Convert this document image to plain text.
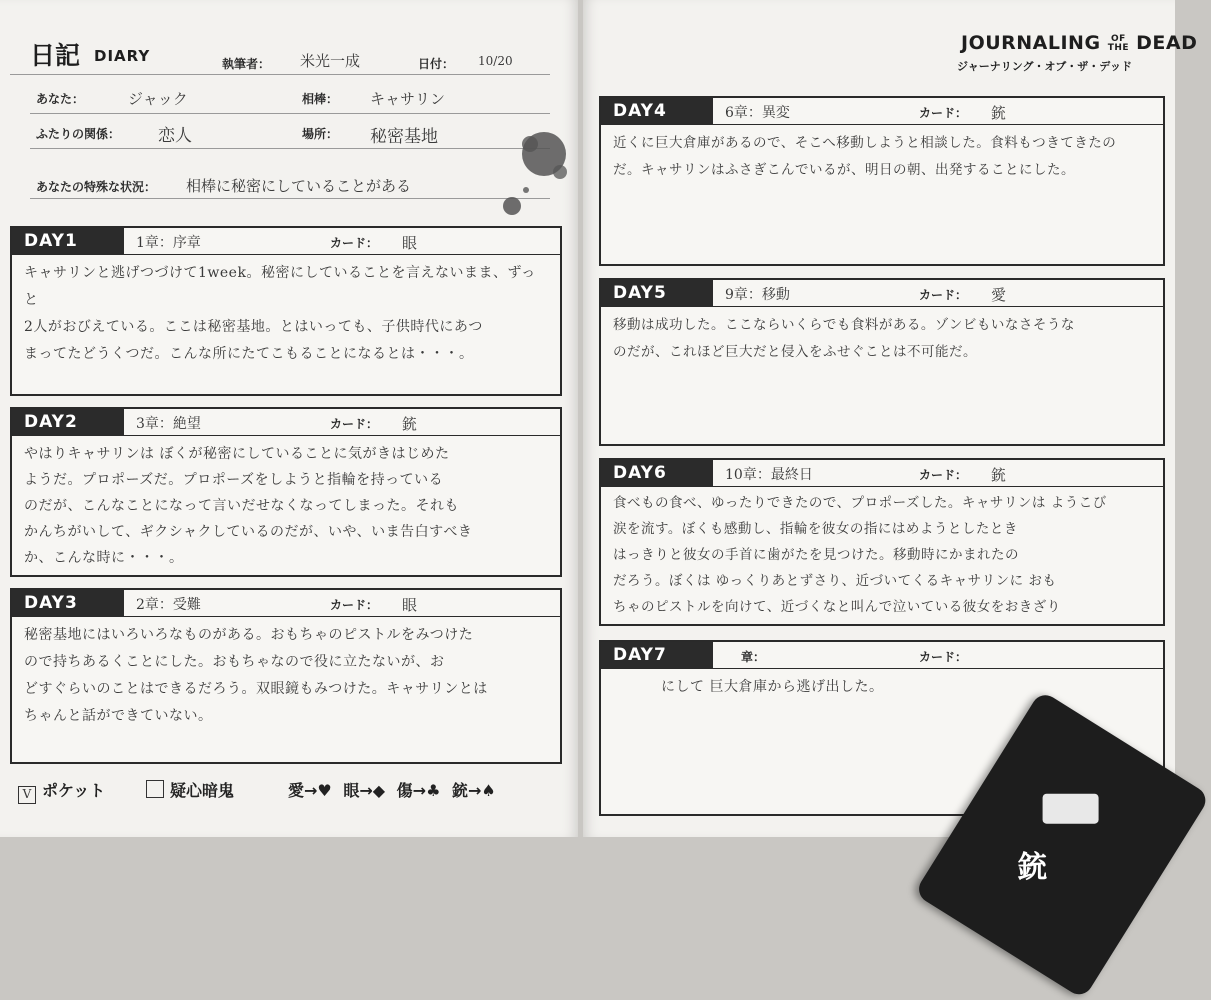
日記 DIARY	執筆者： 米光一成	日付： 10/20
あなた：	ジャック	相棒： キャサリン
ふたりの関係： 恋人	場所： 秘密基地
あなたの特殊な状況： 相棒に秘密にしていることがある
DAY1	1章：序章	カード： 眼
キャサリンと逃げつづけて1week。秘密にしていることを言えないまま、ずっと
2人がおびえている。ここは秘密基地。とはいっても、子供時代にあつ
まってたどうくつだ。こんな所にたてこもることになるとは・・・。
DAY2	3章：絶望	カード： 銃
やはりキャサリンは ぼくが秘密にしていることに気がきはじめた
ようだ。プロポーズだ。プロポーズをしようと指輪を持っている
のだが、こんなことになって言いだせなくなってしまった。それも
かんちがいして、ギクシャクしているのだが、いや、いま告白すべき
か、こんな時に・・・。
DAY3	2章：受難	カード： 眼
秘密基地にはいろいろなものがある。おもちゃのピストルをみつけた
ので持ちあるくことにした。おもちゃなので役に立たないが、お
どすぐらいのことはできるだろう。双眼鏡もみつけた。キャサリンとは
ちゃんと話ができていない。
V ポケット	疑心暗鬼	愛→♥ 眼→◆ 傷→♣ 銃→♠
JOURNALING	OF
THE DEAD
ジャーナリング・オブ・ザ・デッド
DAY4	6章：異変	カード： 銃
近くに巨大倉庫があるので、そこへ移動しようと相談した。食料もつきてきたの
だ。キャサリンはふさぎこんでいるが、明日の朝、出発することにした。
DAY5	9章：移動	カード： 愛
移動は成功した。ここならいくらでも食料がある。ゾンビもいなさそうな
のだが、これほど巨大だと侵入をふせぐことは不可能だ。
DAY6	10章：最終日	カード： 銃
食べもの食べ、ゆったりできたので、プロポーズした。キャサリンは ようこび
涙を流す。ぼくも感動し、指輪を彼女の指にはめようとしたとき
はっきりと彼女の手首に歯がたを見つけた。移動時にかまれたの
だろう。ぼくは ゆっくりあとずさり、近づいてくるキャサリンに おも
ちゃのピストルを向けて、近づくなと叫んで泣いている彼女をおきざり
DAY7	章：	カード：
にして 巨大倉庫から逃げ出した。
銃
